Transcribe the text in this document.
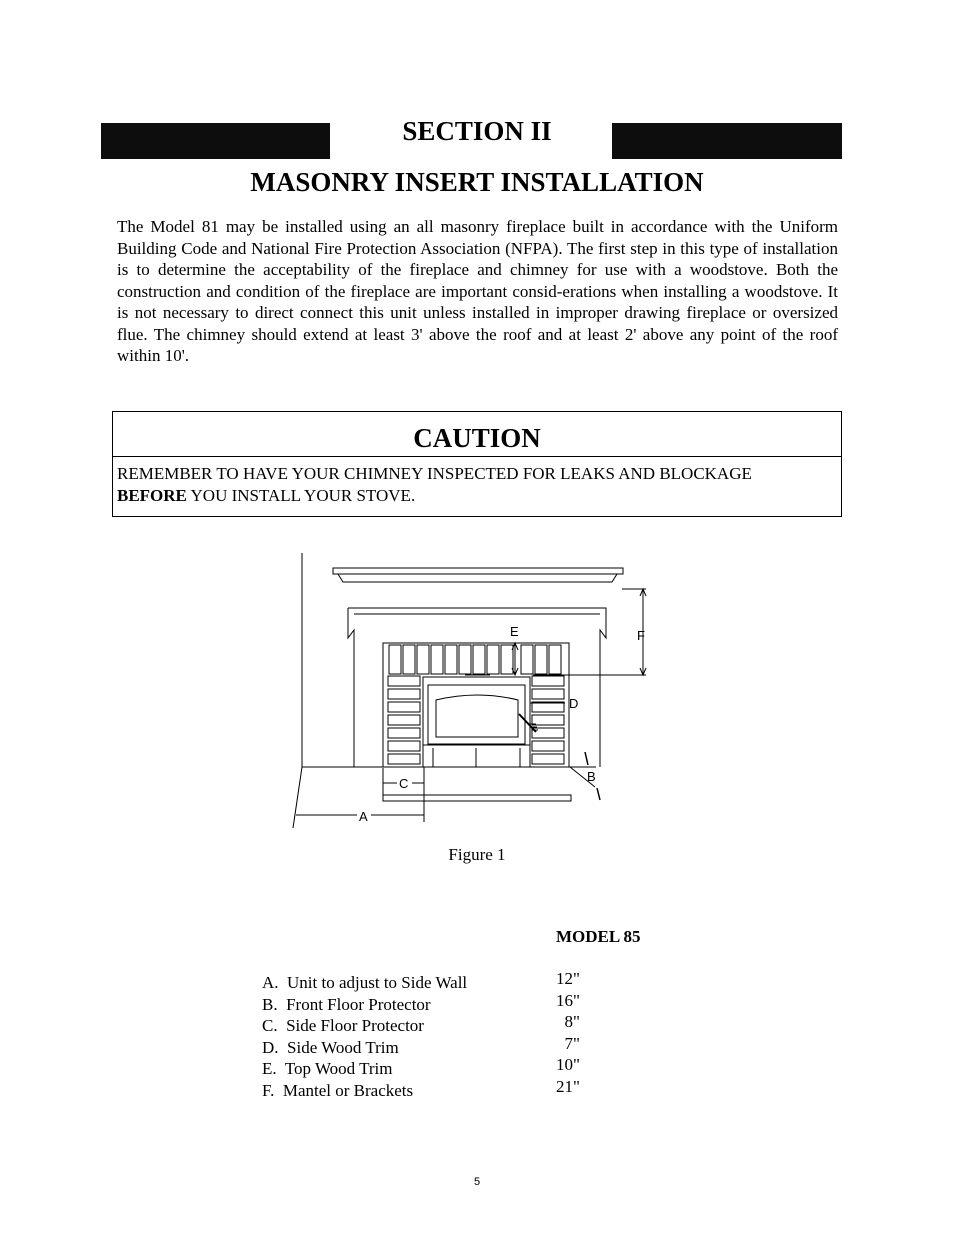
SECTION II
MASONRY INSERT INSTALLATION

The Model 81 may be installed using an all masonry fireplace built in accordance with the Uniform Building Code and National Fire Protection Association (NFPA). The first step in this type of installation is to determine the acceptability of the fireplace and chimney for use with a woodstove. Both the construction and condition of the fireplace are important consid-erations when installing a woodstove. It is not necessary to direct connect this unit unless installed in improper drawing fireplace or oversized flue. The chimney should extend at least 3' above the roof and at least 2' above any point of the roof within 10'.

CAUTION
REMEMBER TO HAVE YOUR CHIMNEY INSPECTED FOR LEAKS AND BLOCKAGE
BEFORE YOU INSTALL YOUR STOVE.
E	F
D
B
C
A
Figure 1
MODEL 85
A.  Unit to adjust to Side Wall
B.  Front Floor Protector
C.  Side Floor Protector
D.  Side Wood Trim
E.  Top Wood Trim
F.  Mantel or Brackets
12"
16"
8"
7"
10"
21"
5
